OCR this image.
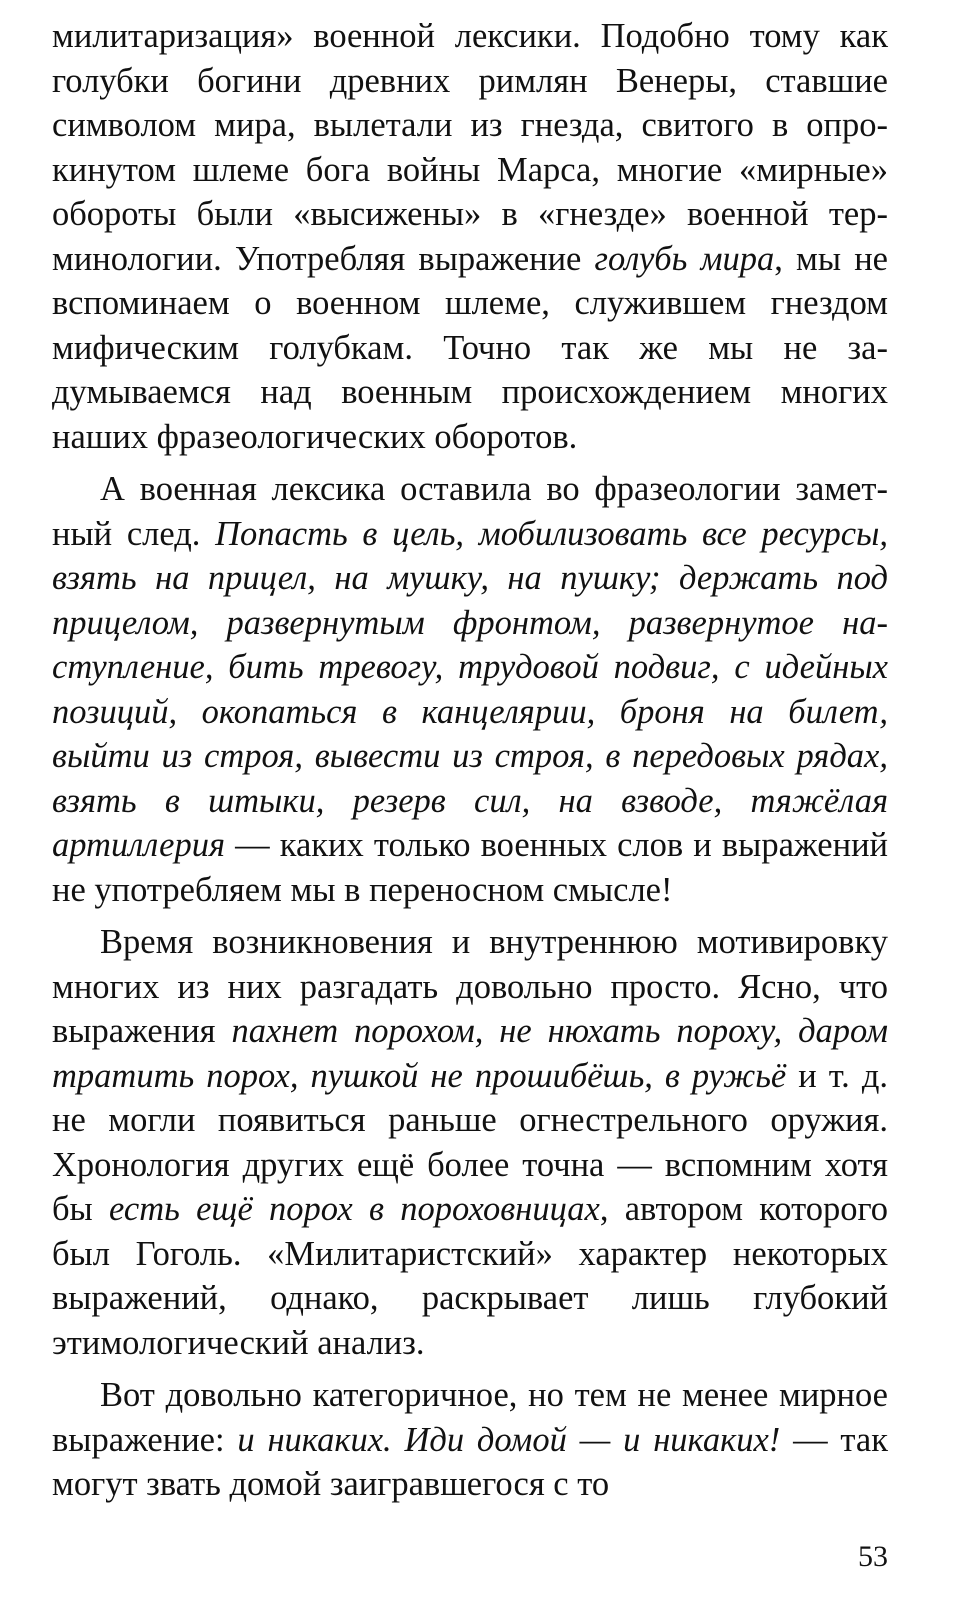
милитаризация» военной лексики. Подобно тому как голубки богини древних римлян Венеры, ставшие символом мира, вылетали из гнезда, свитого в опрокинутом шлеме бога войны Марса, многие «мирные» обороты были «высижены» в «гнезде» военной терминологии. Употребляя выражение голубь мира, мы не вспоминаем о военном шлеме, служившем гнездом мифическим голубкам. Точно так же мы не задумываемся над военным происхождением многих наших фразеологических оборотов.

А военная лексика оставила во фразеологии заметный след. Попасть в цель, мобилизовать все ресурсы, взять на прицел, на мушку, на пушку; держать под прицелом, развернутым фронтом, развернутое наступление, бить тревогу, трудовой подвиг, с идейных позиций, окопаться в канцелярии, броня на билет, выйти из строя, вывести из строя, в передовых рядах, взять в штыки, резерв сил, на взводе, тяжёлая артиллерия — каких только военных слов и выражений не употребляем мы в переносном смысле!

Время возникновения и внутреннюю мотивировку многих из них разгадать довольно просто. Ясно, что выражения пахнет порохом, не нюхать пороху, даром тратить порох, пушкой не прошибёшь, в ружьё и т. д. не могли появиться раньше огнестрельного оружия. Хронология других ещё более точна — вспомним хотя бы есть ещё порох в пороховницах, автором которого был Гоголь. «Милитаристский» характер некоторых выражений, однако, раскрывает лишь глубокий этимологический анализ.

Вот довольно категоричное, но тем не менее мирное выражение: и никаких. Иди домой — и никаких! — так могут звать домой заигравшегося с то

53
